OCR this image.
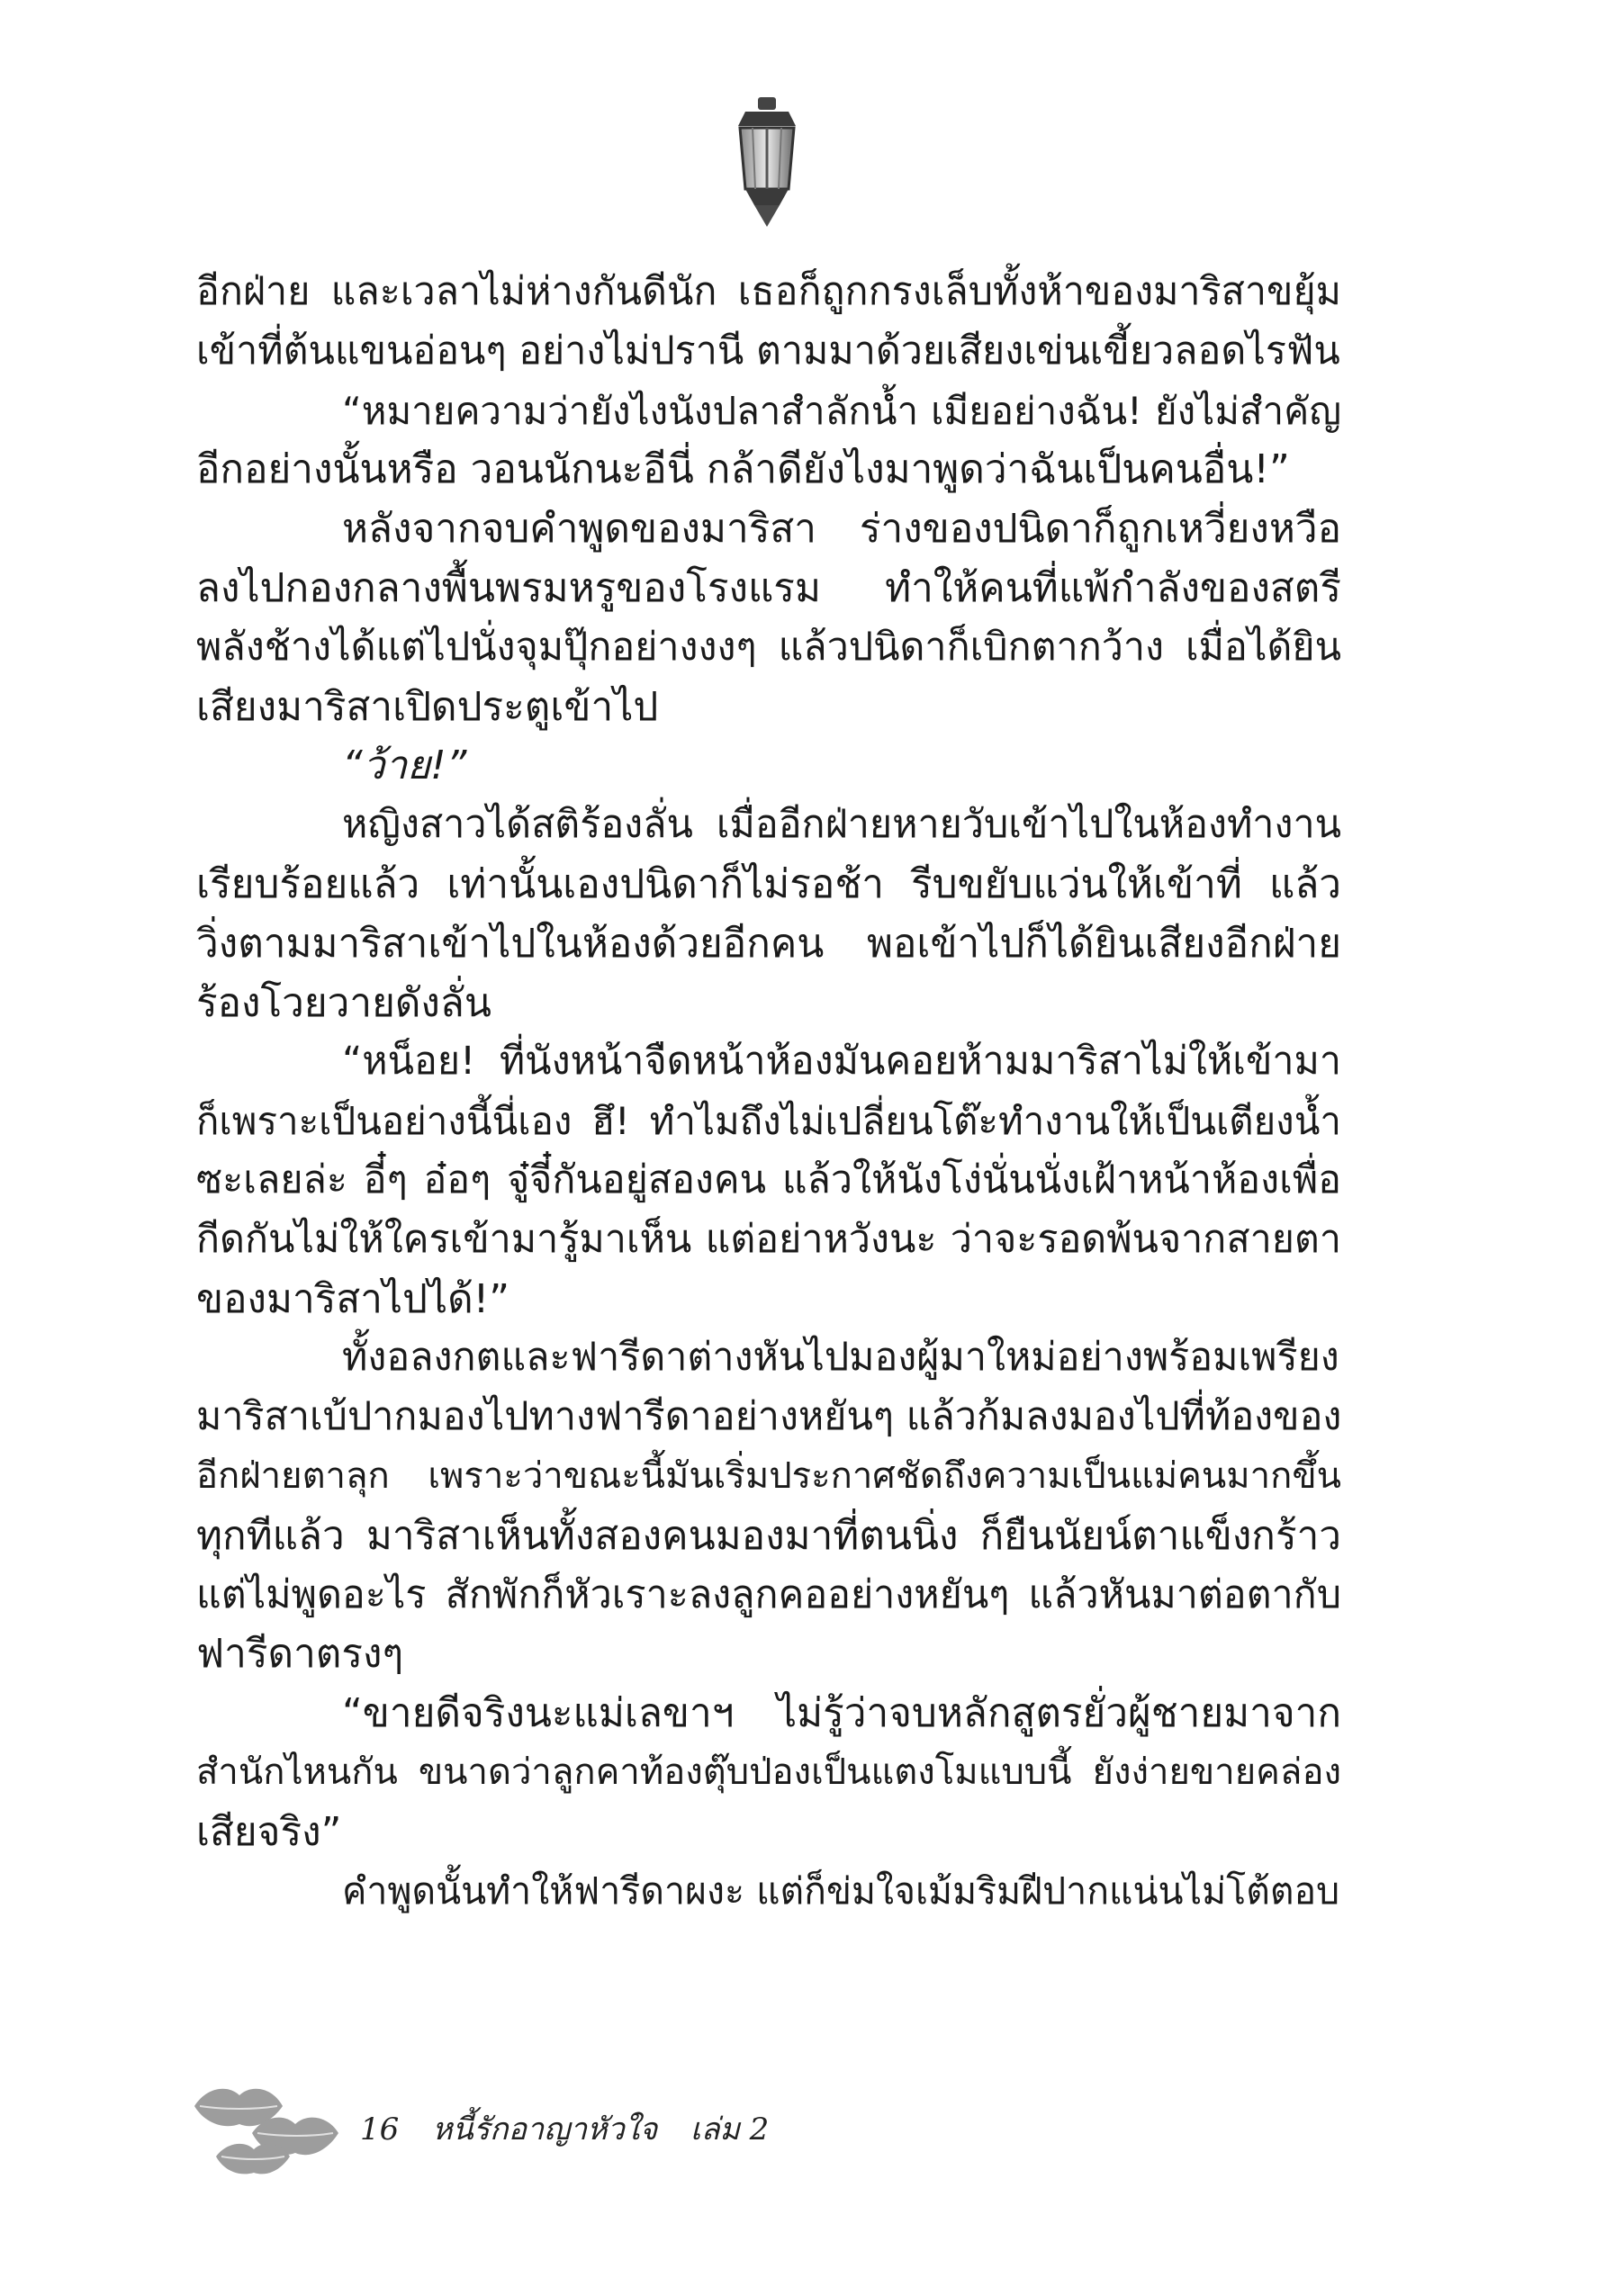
อีกฝ่าย และเวลาไม่ห่างกันดีนัก เธอก็ถูกกรงเล็บทั้งห้าของมาริสาขยุ้ม
เข้าที่ต้นแขนอ่อนๆ อย่างไม่ปรานี ตามมาด้วยเสียงเข่นเขี้ยวลอดไรฟัน
“หมายความว่ายังไงนังปลาสำลักน้ำ เมียอย่างฉัน! ยังไม่สำคัญ
อีกอย่างนั้นหรือ วอนนักนะอีนี่ กล้าดียังไงมาพูดว่าฉันเป็นคนอื่น!”
หลังจากจบคำพูดของมาริสา ร่างของปนิดาก็ถูกเหวี่ยงหวือ
ลงไปกองกลางพื้นพรมหรูของโรงแรม ทำให้คนที่แพ้กำลังของสตรี
พลังช้างได้แต่ไปนั่งจุมปุ๊กอย่างงงๆ แล้วปนิดาก็เบิกตากว้าง เมื่อได้ยิน
เสียงมาริสาเปิดประตูเข้าไป
“ว้าย!”
หญิงสาวได้สติร้องลั่น เมื่ออีกฝ่ายหายวับเข้าไปในห้องทำงาน
เรียบร้อยแล้ว เท่านั้นเองปนิดาก็ไม่รอช้า รีบขยับแว่นให้เข้าที่ แล้ว
วิ่งตามมาริสาเข้าไปในห้องด้วยอีกคน พอเข้าไปก็ได้ยินเสียงอีกฝ่าย
ร้องโวยวายดังลั่น
“หน็อย! ที่นังหน้าจืดหน้าห้องมันคอยห้ามมาริสาไม่ให้เข้ามา
ก็เพราะเป็นอย่างนี้นี่เอง ฮึ! ทำไมถึงไม่เปลี่ยนโต๊ะทำงานให้เป็นเตียงน้ำ
ซะเลยล่ะ อี๋ๆ อ๋อๆ จู๋จี๋กันอยู่สองคน แล้วให้นังโง่นั่นนั่งเฝ้าหน้าห้องเพื่อ
กีดกันไม่ให้ใครเข้ามารู้มาเห็น แต่อย่าหวังนะ ว่าจะรอดพ้นจากสายตา
ของมาริสาไปได้!”
ทั้งอลงกตและฟารีดาต่างหันไปมองผู้มาใหม่อย่างพร้อมเพรียง
มาริสาเบ้ปากมองไปทางฟารีดาอย่างหยันๆ แล้วก้มลงมองไปที่ท้องของ
อีกฝ่ายตาลุก เพราะว่าขณะนี้มันเริ่มประกาศชัดถึงความเป็นแม่คนมากขึ้น
ทุกทีแล้ว มาริสาเห็นทั้งสองคนมองมาที่ตนนิ่ง ก็ยืนนัยน์ตาแข็งกร้าว
แต่ไม่พูดอะไร สักพักก็หัวเราะลงลูกคออย่างหยันๆ แล้วหันมาต่อตากับ
ฟารีดาตรงๆ
“ขายดีจริงนะแม่เลขาฯ ไม่รู้ว่าจบหลักสูตรยั่วผู้ชายมาจาก
สำนักไหนกัน ขนาดว่าลูกคาท้องตุ๊บป่องเป็นแตงโมแบบนี้ ยังง่ายขายคล่อง
เสียจริง”
คำพูดนั้นทำให้ฟารีดาผงะ แต่ก็ข่มใจเม้มริมฝีปากแน่นไม่โต้ตอบ
16 หนี้รักอาญาหัวใจ เล่ม 2
